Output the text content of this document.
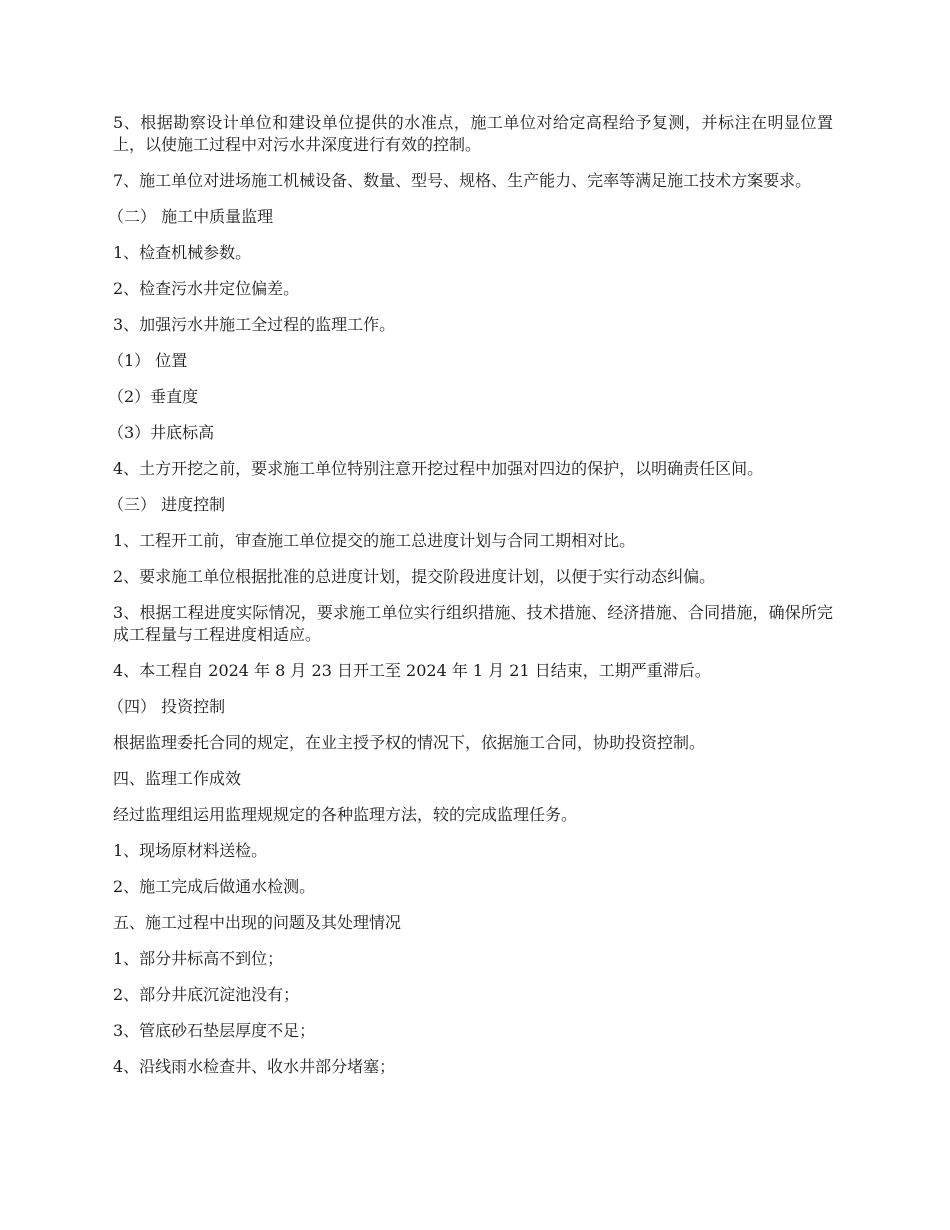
5、根据勘察设计单位和建设单位提供的水准点，施工单位对给定高程给予复测，并标注在明显位置上，以使施工过程中对污水井深度进行有效的控制。

7、施工单位对进场施工机械设备、数量、型号、规格、生产能力、完率等满足施工技术方案要求。

（二） 施工中质量监理

1、检查机械参数。

2、检查污水井定位偏差。

3、加强污水井施工全过程的监理工作。

（1） 位置

（2）垂直度

（3）井底标高

4、土方开挖之前，要求施工单位特别注意开挖过程中加强对四边的保护，以明确责任区间。

（三） 进度控制

1、工程开工前，审查施工单位提交的施工总进度计划与合同工期相对比。

2、要求施工单位根据批准的总进度计划，提交阶段进度计划，以便于实行动态纠偏。

3、根据工程进度实际情况，要求施工单位实行组织措施、技术措施、经济措施、合同措施，确保所完成工程量与工程进度相适应。

4、本工程自 2024 年 8 月 23 日开工至 2024 年 1 月 21 日结束，工期严重滞后。

（四） 投资控制

根据监理委托合同的规定，在业主授予权的情况下，依据施工合同，协助投资控制。

四、监理工作成效

经过监理组运用监理规规定的各种监理方法，较的完成监理任务。

1、现场原材料送检。

2、施工完成后做通水检测。

五、施工过程中出现的问题及其处理情况

1、部分井标高不到位；

2、部分井底沉淀池没有；

3、管底砂石垫层厚度不足；

4、沿线雨水检查井、收水井部分堵塞；
